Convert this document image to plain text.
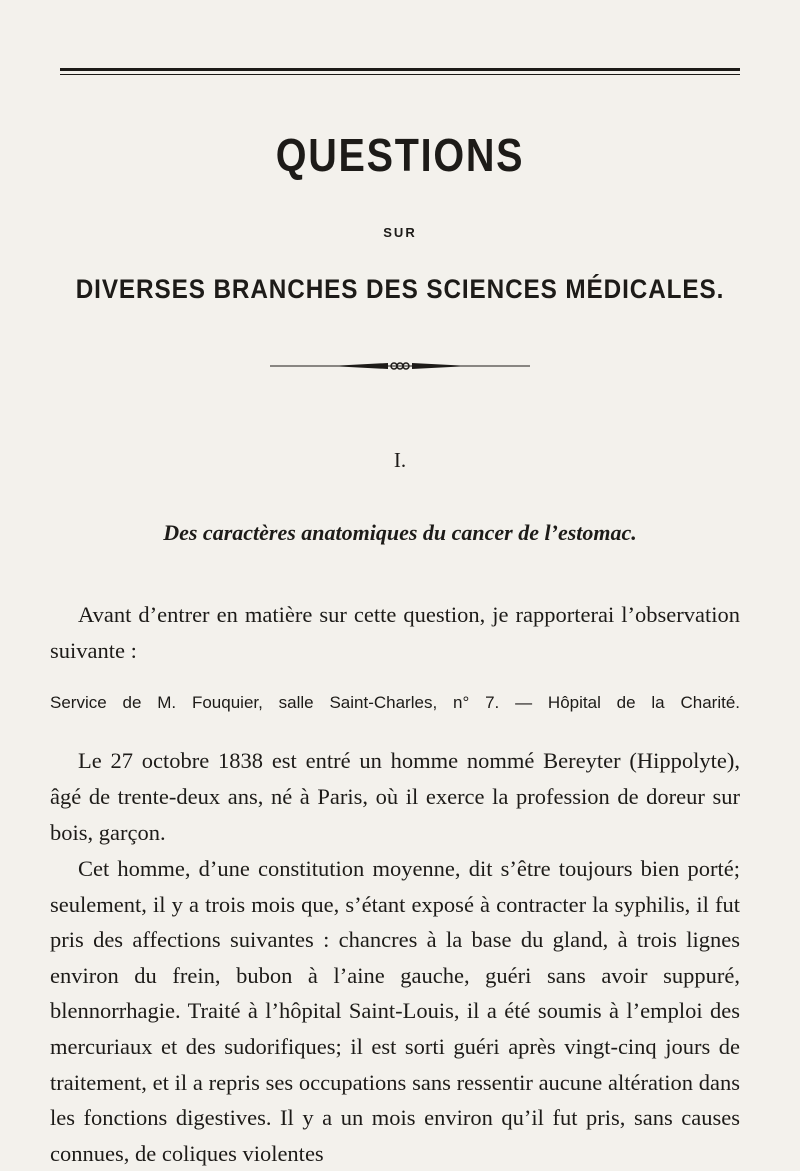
QUESTIONS
SUR
DIVERSES BRANCHES DES SCIENCES MÉDICALES.
I.
Des caractères anatomiques du cancer de l’estomac.
Avant d’entrer en matière sur cette question, je rapporterai l’observation suivante :
Service de M. Fouquier, salle Saint-Charles, n° 7. — Hôpital de la Charité.
Le 27 octobre 1838 est entré un homme nommé Bereyter (Hippolyte), âgé de trente-deux ans, né à Paris, où il exerce la profession de doreur sur bois, garçon.
Cet homme, d’une constitution moyenne, dit s’être toujours bien porté; seulement, il y a trois mois que, s’étant exposé à contracter la syphilis, il fut pris des affections suivantes : chancres à la base du gland, à trois lignes environ du frein, bubon à l’aine gauche, guéri sans avoir suppuré, blennorrhagie. Traité à l’hôpital Saint-Louis, il a été soumis à l’emploi des mercuriaux et des sudorifiques; il est sorti guéri après vingt-cinq jours de traitement, et il a repris ses occupations sans ressentir aucune altération dans les fonctions digestives. Il y a un mois environ qu’il fut pris, sans causes connues, de coliques violentes
